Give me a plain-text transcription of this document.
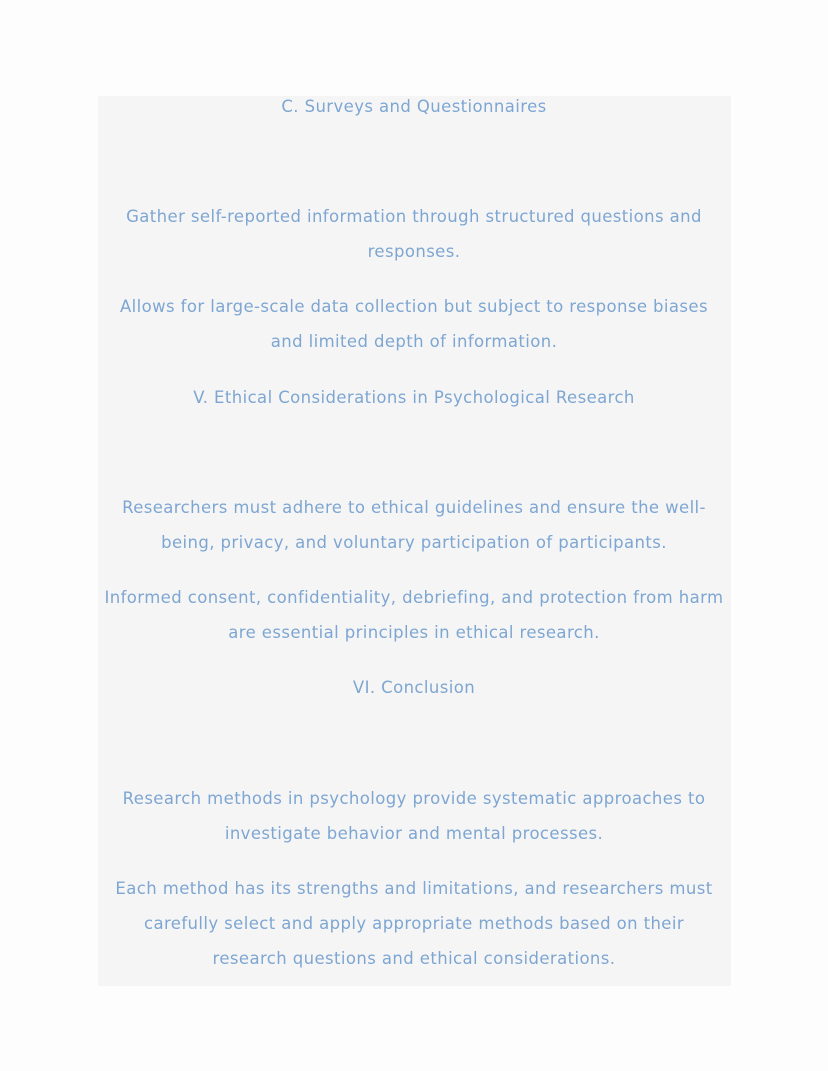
C. Surveys and Questionnaires

Gather self-reported information through structured questions and responses.

Allows for large-scale data collection but subject to response biases and limited depth of information.

V. Ethical Considerations in Psychological Research

Researchers must adhere to ethical guidelines and ensure the well-being, privacy, and voluntary participation of participants.

Informed consent, confidentiality, debriefing, and protection from harm are essential principles in ethical research.

VI. Conclusion

Research methods in psychology provide systematic approaches to investigate behavior and mental processes.

Each method has its strengths and limitations, and researchers must carefully select and apply appropriate methods based on their research questions and ethical considerations.
